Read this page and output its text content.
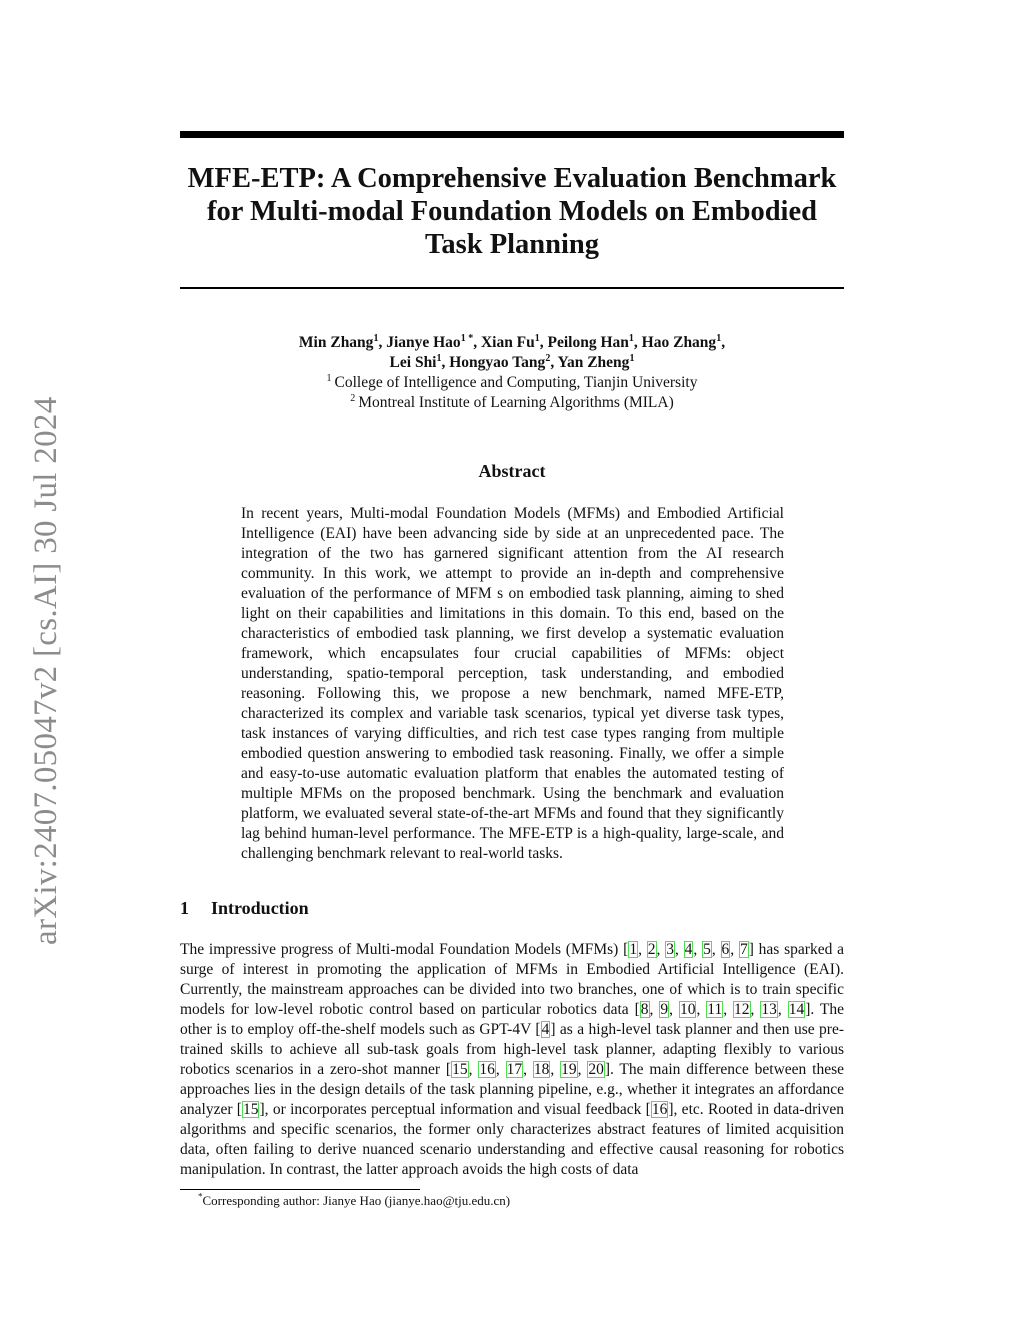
arXiv:2407.05047v2 [cs.AI] 30 Jul 2024
MFE-ETP: A Comprehensive Evaluation Benchmark for Multi-modal Foundation Models on Embodied Task Planning
Min Zhang$^1$, Jianye Hao$^{1 *}$, Xian Fu$^1$, Peilong Han$^1$, Hao Zhang$^1$,
Lei Shi$^1$, Hongyao Tang$^2$, Yan Zheng$^1$
$^1$ College of Intelligence and Computing, Tianjin University
$^2$ Montreal Institute of Learning Algorithms (MILA)
Abstract
In recent years, Multi-modal Foundation Models (MFMs) and Embodied Artificial Intelligence (EAI) have been advancing side by side at an unprecedented pace. The integration of the two has garnered significant attention from the AI research community. In this work, we attempt to provide an in-depth and comprehensive evaluation of the performance of MFM s on embodied task planning, aiming to shed light on their capabilities and limitations in this domain. To this end, based on the characteristics of embodied task planning, we first develop a systematic evaluation framework, which encapsulates four crucial capabilities of MFMs: object understanding, spatio-temporal perception, task understanding, and embodied reasoning. Following this, we propose a new benchmark, named MFE-ETP, characterized its complex and variable task scenarios, typical yet diverse task types, task instances of varying difficulties, and rich test case types ranging from multiple embodied question answering to embodied task reasoning. Finally, we offer a simple and easy-to-use automatic evaluation platform that enables the automated testing of multiple MFMs on the proposed benchmark. Using the benchmark and evaluation platform, we evaluated several state-of-the-art MFMs and found that they significantly lag behind human-level performance. The MFE-ETP is a high-quality, large-scale, and challenging benchmark relevant to real-world tasks.
1 Introduction
The impressive progress of Multi-modal Foundation Models (MFMs) [1, 2, 3, 4, 5, 6, 7] has sparked a surge of interest in promoting the application of MFMs in Embodied Artificial Intelligence (EAI). Currently, the mainstream approaches can be divided into two branches, one of which is to train specific models for low-level robotic control based on particular robotics data [8, 9, 10, 11, 12, 13, 14]. The other is to employ off-the-shelf models such as GPT-4V [4] as a high-level task planner and then use pre-trained skills to achieve all sub-task goals from high-level task planner, adapting flexibly to various robotics scenarios in a zero-shot manner [15, 16, 17, 18, 19, 20]. The main difference between these approaches lies in the design details of the task planning pipeline, e.g., whether it integrates an affordance analyzer [15], or incorporates perceptual information and visual feedback [16], etc. Rooted in data-driven algorithms and specific scenarios, the former only characterizes abstract features of limited acquisition data, often failing to derive nuanced scenario understanding and effective causal reasoning for robotics manipulation. In contrast, the latter approach avoids the high costs of data
*Corresponding author: Jianye Hao (jianye.hao@tju.edu.cn)
